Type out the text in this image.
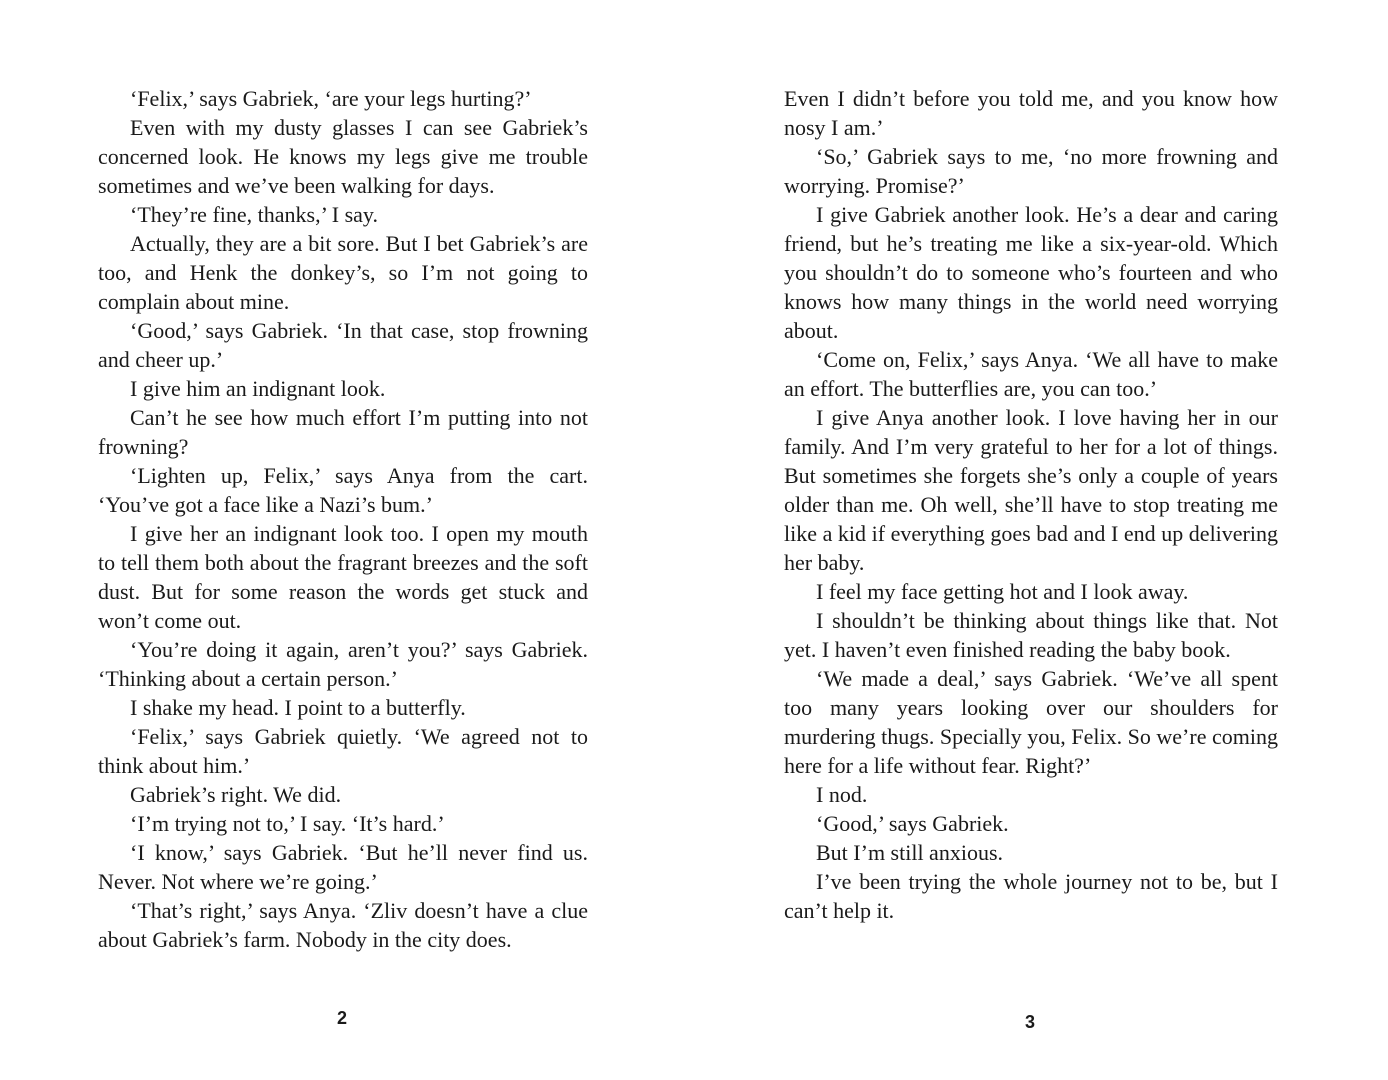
‘Felix,’ says Gabriek, ‘are your legs hurting?’

Even with my dusty glasses I can see Gabriek’s concerned look. He knows my legs give me trouble sometimes and we’ve been walking for days.

‘They’re fine, thanks,’ I say.

Actually, they are a bit sore. But I bet Gabriek’s are too, and Henk the donkey’s, so I’m not going to complain about mine.

‘Good,’ says Gabriek. ‘In that case, stop frowning and cheer up.’

I give him an indignant look.

Can’t he see how much effort I’m putting into not frowning?

‘Lighten up, Felix,’ says Anya from the cart. ‘You’ve got a face like a Nazi’s bum.’

I give her an indignant look too. I open my mouth to tell them both about the fragrant breezes and the soft dust. But for some reason the words get stuck and won’t come out.

‘You’re doing it again, aren’t you?’ says Gabriek. ‘Thinking about a certain person.’

I shake my head. I point to a butterfly.

‘Felix,’ says Gabriek quietly. ‘We agreed not to think about him.’

Gabriek’s right. We did.

‘I’m trying not to,’ I say. ‘It’s hard.’

‘I know,’ says Gabriek. ‘But he’ll never find us. Never. Not where we’re going.’

‘That’s right,’ says Anya. ‘Zliv doesn’t have a clue about Gabriek’s farm. Nobody in the city does.

2

Even I didn’t before you told me, and you know how nosy I am.’

‘So,’ Gabriek says to me, ‘no more frowning and worrying. Promise?’

I give Gabriek another look. He’s a dear and caring friend, but he’s treating me like a six-year-old. Which you shouldn’t do to someone who’s fourteen and who knows how many things in the world need worrying about.

‘Come on, Felix,’ says Anya. ‘We all have to make an effort. The butterflies are, you can too.’

I give Anya another look. I love having her in our family. And I’m very grateful to her for a lot of things. But sometimes she forgets she’s only a couple of years older than me. Oh well, she’ll have to stop treating me like a kid if everything goes bad and I end up delivering her baby.

I feel my face getting hot and I look away.

I shouldn’t be thinking about things like that. Not yet. I haven’t even finished reading the baby book.

‘We made a deal,’ says Gabriek. ‘We’ve all spent too many years looking over our shoulders for murdering thugs. Specially you, Felix. So we’re coming here for a life without fear. Right?’

I nod.

‘Good,’ says Gabriek.

But I’m still anxious.

I’ve been trying the whole journey not to be, but I can’t help it.

3
